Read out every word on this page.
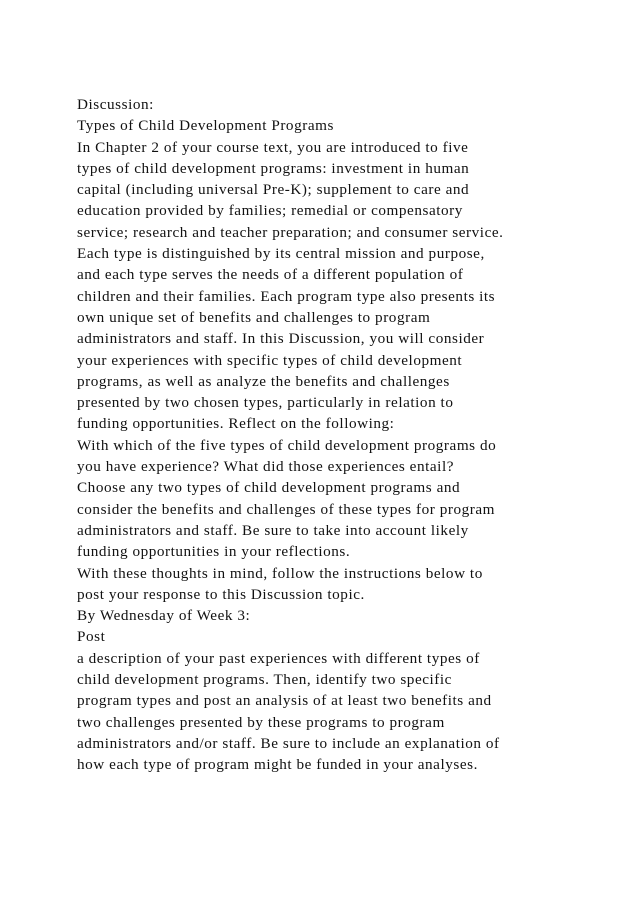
Discussion:
Types of Child Development Programs
In Chapter 2 of your course text, you are introduced to five
types of child development programs: investment in human
capital (including universal Pre-K); supplement to care and
education provided by families; remedial or compensatory
service; research and teacher preparation; and consumer service.
Each type is distinguished by its central mission and purpose,
and each type serves the needs of a different population of
children and their families. Each program type also presents its
own unique set of benefits and challenges to program
administrators and staff. In this Discussion, you will consider
your experiences with specific types of child development
programs, as well as analyze the benefits and challenges
presented by two chosen types, particularly in relation to
funding opportunities. Reflect on the following:
With which of the five types of child development programs do
you have experience? What did those experiences entail?
Choose any two types of child development programs and
consider the benefits and challenges of these types for program
administrators and staff. Be sure to take into account likely
funding opportunities in your reflections.
With these thoughts in mind, follow the instructions below to
post your response to this Discussion topic.
By Wednesday of Week 3:
Post
a description of your past experiences with different types of
child development programs. Then, identify two specific
program types and post an analysis of at least two benefits and
two challenges presented by these programs to program
administrators and/or staff. Be sure to include an explanation of
how each type of program might be funded in your analyses.
